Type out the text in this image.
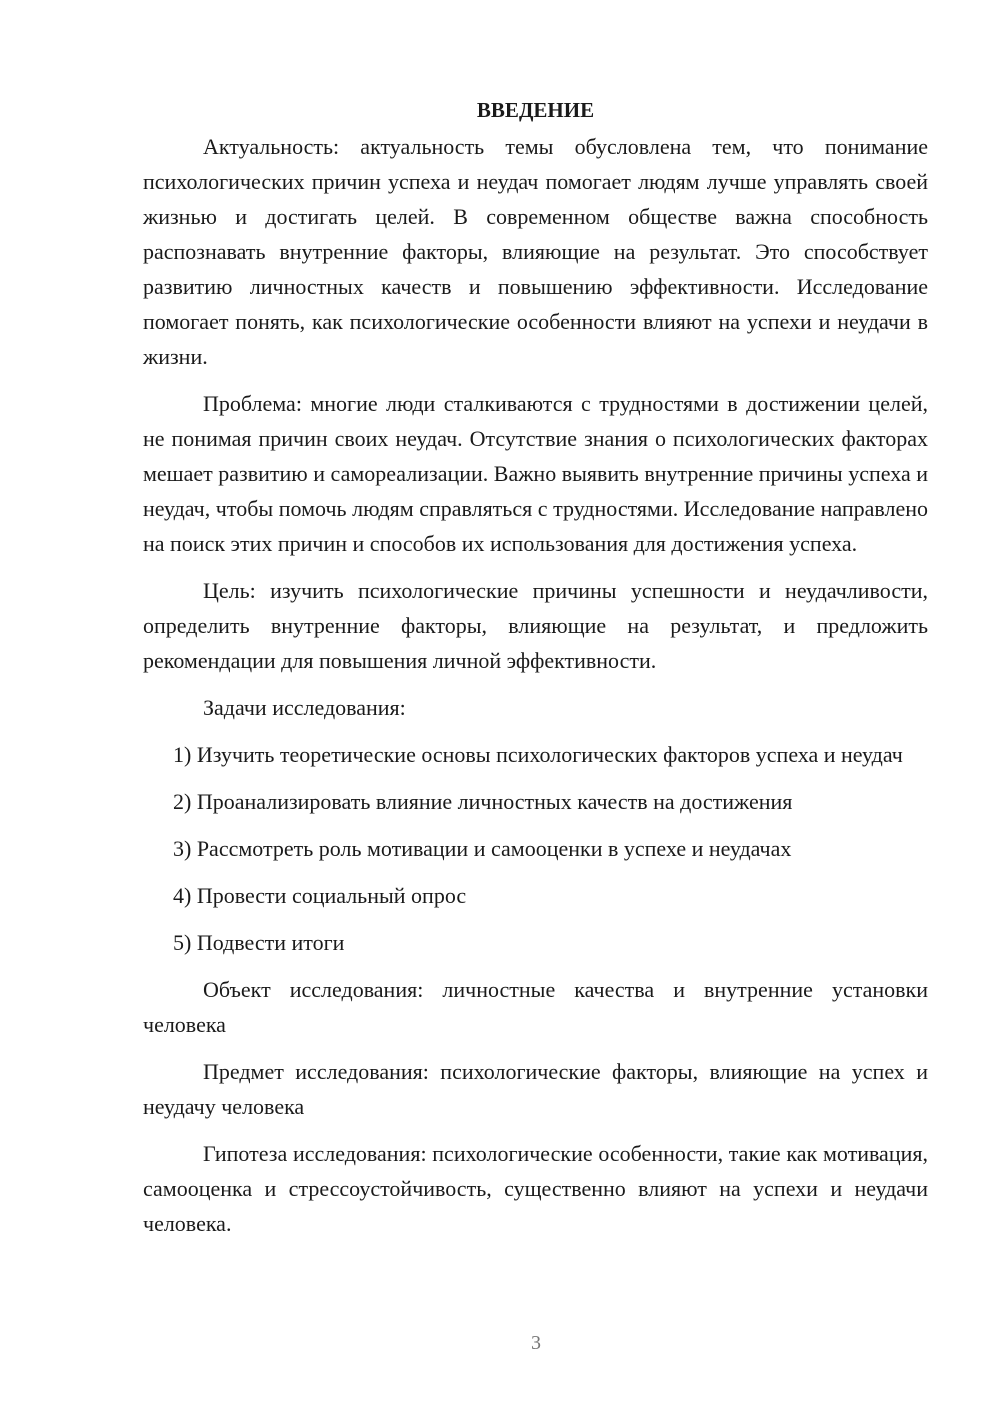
ВВЕДЕНИЕ

Актуальность: актуальность темы обусловлена тем, что понимание психологических причин успеха и неудач помогает людям лучше управлять своей жизнью и достигать целей. В современном обществе важна способность распознавать внутренние факторы, влияющие на результат. Это способствует развитию личностных качеств и повышению эффективности. Исследование помогает понять, как психологические особенности влияют на успехи и неудачи в жизни.

Проблема: многие люди сталкиваются с трудностями в достижении целей, не понимая причин своих неудач. Отсутствие знания о психологических факторах мешает развитию и самореализации. Важно выявить внутренние причины успеха и неудач, чтобы помочь людям справляться с трудностями. Исследование направлено на поиск этих причин и способов их использования для достижения успеха.

Цель: изучить психологические причины успешности и неудачливости, определить внутренние факторы, влияющие на результат, и предложить рекомендации для повышения личной эффективности.

Задачи исследования:

1) Изучить теоретические основы психологических факторов успеха и неудач

2) Проанализировать влияние личностных качеств на достижения

3) Рассмотреть роль мотивации и самооценки в успехе и неудачах

4) Провести социальный опрос

5) Подвести итоги

Объект исследования: личностные качества и внутренние установки человека

Предмет исследования: психологические факторы, влияющие на успех и неудачу человека

Гипотеза исследования: психологические особенности, такие как мотивация, самооценка и стрессоустойчивость, существенно влияют на успехи и неудачи человека.

3
